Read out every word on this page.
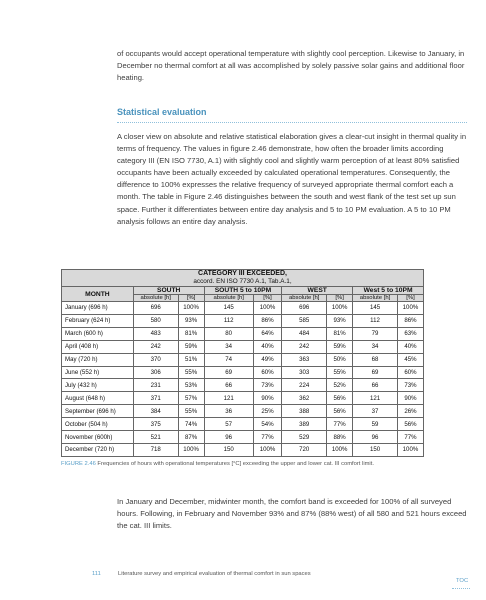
of occupants would accept operational temperature with slightly cool perception. Likewise to January, in December no thermal comfort at all was accomplished by solely passive solar gains and additional floor heating.

Statistical evaluation

A closer view on absolute and relative statistical elaboration gives a clear-cut insight in thermal quality in terms of frequency. The values in figure 2.46 demonstrate, how often the broader limits according category III (EN ISO 7730, A.1) with slightly cool and slightly warm perception of at least 80% satisfied occupants have been actually exceeded by calculated operational temperatures. Consequently, the difference to 100% expresses the relative frequency of surveyed appropriate thermal comfort each a month. The table in Figure 2.46 distinguishes between the south and west flank of the test set up sun space. Further it differentiates between entire day analysis and 5 to 10 PM evaluation. A 5 to 10 PM analysis follows an entire day analysis.

CATEGORY III EXCEEDED,
accord. EN ISO 7730 A.1, Tab.A.1,								

MONTH	SOUTH		SOUTH 5 to 10PM		WEST		West 5 to 10PM	
	absolute [h]	[%]	absolute [h]	[%]	absolute [h]	[%]	absolute [h]	[%]
January (696 h)	696	100%	145	100%	696	100%	145	100%
February (624 h)	580	93%	112	86%	585	93%	112	86%
March (600 h)	483	81%	80	64%	484	81%	79	63%
April (408 h)	242	59%	34	40%	242	59%	34	40%
May (720 h)	370	51%	74	49%	363	50%	68	45%
June (552 h)	306	55%	69	60%	303	55%	69	60%
July (432 h)	231	53%	66	73%	224	52%	66	73%
August (648 h)	371	57%	121	90%	362	56%	121	90%
September (696 h)	384	55%	36	25%	388	56%	37	26%
October (504 h)	375	74%	57	54%	389	77%	59	56%
November (600h)	521	87%	96	77%	529	88%	96	77%
December (720 h)	718	100%	150	100%	720	100%	150	100%

FIGURE 2.46 Frequencies of hours with operational temperatures [°C] exceeding the upper and lower cat. III comfort limit.

In January and December, midwinter month, the comfort band is exceeded for 100% of all surveyed hours. Following, in February and November 93% and 87% (88% west) of all 580 and 521 hours exceed the cat. III limits.

111	Literature survey and empirical evaluation of thermal comfort in sun spaces
TOC
